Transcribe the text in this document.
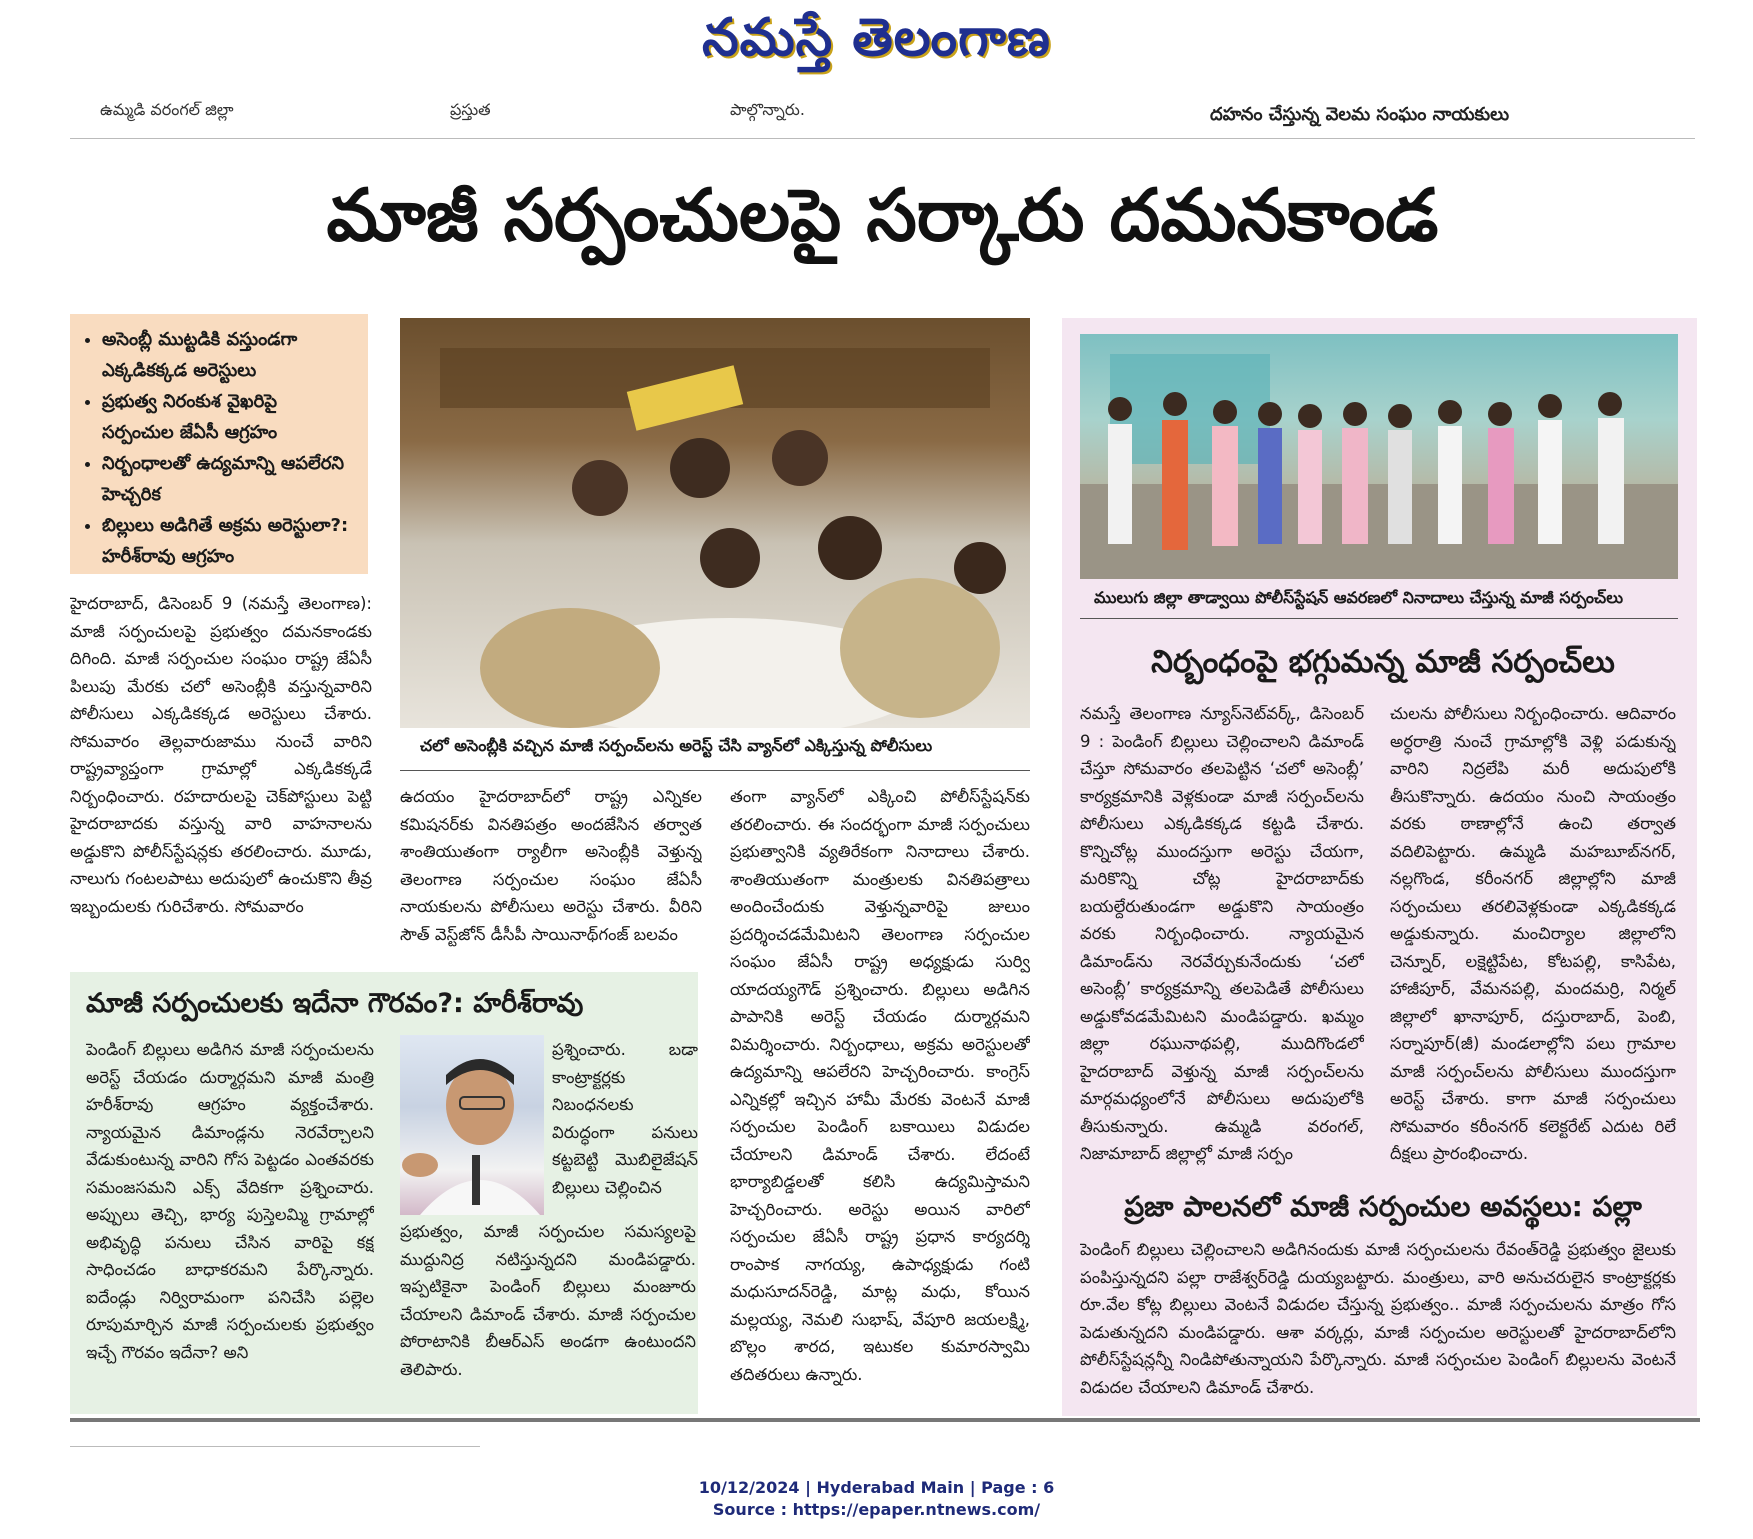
నమస్తే తెలంగాణ
ఉమ్మడి వరంగల్‌ జిల్లా	ప్రస్తుత	పాల్గొన్నారు.	దహనం చేస్తున్న వెలమ సంఘం నాయకులు
మాజీ సర్పంచులపై సర్కారు దమనకాండ
• అసెంబ్లీ ముట్టడికి వస్తుండగా ఎక్కడికక్కడ అరెస్టులు
• ప్రభుత్వ నిరంకుశ వైఖరిపై సర్పంచుల జేఏసీ ఆగ్రహం
• నిర్బంధాలతో ఉద్యమాన్ని ఆపలేరని హెచ్చరిక
• బిల్లులు అడిగితే అక్రమ అరెస్టులా?: హరీశ్‌రావు ఆగ్రహం
హైదరాబాద్‌, డిసెంబర్‌ 9 (నమస్తే తెలంగాణ): మాజీ సర్పంచులపై ప్రభుత్వం దమనకాండకు దిగింది. మాజీ సర్పంచుల సంఘం రాష్ట్ర జేఏసీ పిలుపు మేరకు చలో అసెంబ్లీకి వస్తున్నవారిని పోలీసులు ఎక్కడికక్కడ అరెస్టులు చేశారు. సోమవారం తెల్లవారుజాము నుంచే వారిని రాష్ట్రవ్యాప్తంగా గ్రామాల్లో ఎక్కడికక్కడే నిర్బంధించారు. రహదారులపై చెక్‌పోస్టులు పెట్టి హైదరాబాదకు వస్తున్న వారి వాహనాలను అడ్డుకొని పోలీస్‌స్టేషన్లకు తరలించారు. మూడు, నాలుగు గంటలపాటు అదుపులో ఉంచుకొని తీవ్ర ఇబ్బందులకు గురిచేశారు. సోమవారం
చలో అసెంబ్లీకి వచ్చిన మాజీ సర్పంచ్‌లను అరెస్ట్‌ చేసి వ్యాన్‌లో ఎక్కిస్తున్న పోలీసులు
ఉదయం హైదరాబాద్‌లో రాష్ట్ర ఎన్నికల కమిషనర్‌కు వినతిపత్రం అందజేసిన తర్వాత శాంతియుతంగా ర్యాలీగా అసెంబ్లీకి వెళ్తున్న తెలంగాణ సర్పంచుల సంఘం జేఏసీ నాయకులను పోలీసులు అరెస్టు చేశారు. వీరిని సౌత్‌ వెస్ట్‌జోన్‌ డీసీపీ సాయినాథ్‌గంజ్‌ బలవం
తంగా వ్యాన్‌లో ఎక్కించి పోలీస్‌స్టేషన్‌కు తరలించారు. ఈ సందర్భంగా మాజీ సర్పంచులు ప్రభుత్వానికి వ్యతిరేకంగా నినాదాలు చేశారు. శాంతియుతంగా మంత్రులకు వినతిపత్రాలు అందించేందుకు వెళ్తున్నవారిపై జులుం ప్రదర్శించడమేమిటని తెలంగాణ సర్పంచుల సంఘం జేఏసీ రాష్ట్ర అధ్యక్షుడు సుర్వి యాదయ్యగౌడ్‌ ప్రశ్నించారు. బిల్లులు అడిగిన పాపానికి అరెస్ట్‌ చేయడం దుర్మార్గమని విమర్శించారు. నిర్బంధాలు, అక్రమ అరెస్టులతో ఉద్యమాన్ని ఆపలేరని హెచ్చరించారు. కాంగ్రెస్‌ ఎన్నికల్లో ఇచ్చిన హామీ మేరకు వెంటనే మాజీ సర్పంచుల పెండింగ్‌ బకాయిలు విడుదల చేయాలని డిమాండ్‌ చేశారు. లేదంటే భార్యాబిడ్డలతో కలిసి ఉద్యమిస్తామని హెచ్చరించారు. అరెస్టు అయిన వారిలో సర్పంచుల జేఏసీ రాష్ట్ర ప్రధాన కార్యదర్శి రాంపాక నాగయ్య, ఉపాధ్యక్షుడు గంటి మధుసూదన్‌రెడ్డి, మాట్ల మధు, కోయిన మల్లయ్య, నెమలి సుభాష్‌, వేపూరి జయలక్ష్మి, బొల్లం శారద, ఇటుకల కుమారస్వామి తదితరులు ఉన్నారు.
మాజీ సర్పంచులకు ఇదేనా గౌరవం?: హరీశ్‌రావు
పెండింగ్‌ బిల్లులు అడిగిన మాజీ సర్పంచులను అరెస్ట్‌ చేయడం దుర్మార్గమని మాజీ మంత్రి హరీశ్‌రావు ఆగ్రహం వ్యక్తంచేశారు. న్యాయమైన డిమాండ్లను నెరవేర్చాలని వేడుకుంటున్న వారిని గోస పెట్టడం ఎంతవరకు సమంజసమని ఎక్స్‌ వేదికగా ప్రశ్నించారు. అప్పులు తెచ్చి, భార్య పుస్తెలమ్మి గ్రామాల్లో అభివృద్ధి పనులు చేసిన వారిపై కక్ష సాధించడం బాధాకరమని పేర్కొన్నారు. ఐదేండ్లు నిర్విరామంగా పనిచేసి పల్లెల రూపుమార్చిన మాజీ సర్పంచులకు ప్రభుత్వం ఇచ్చే గౌరవం ఇదేనా? అని
ప్రశ్నించారు. బడా కాంట్రాక్టర్లకు నిబంధనలకు విరుద్ధంగా పనులు కట్టబెట్టి మొబిలైజేషన్‌ బిల్లులు చెల్లించిన
ప్రభుత్వం, మాజీ సర్పంచుల సమస్యలపై ముద్దునిద్ర నటిస్తున్నదని మండిపడ్డారు. ఇప్పటికైనా పెండింగ్‌ బిల్లులు మంజూరు చేయాలని డిమాండ్‌ చేశారు. మాజీ సర్పంచుల పోరాటానికి బీఆర్‌ఎస్‌ అండగా ఉంటుందని తెలిపారు.
ములుగు జిల్లా తాడ్వాయి పోలీస్‌స్టేషన్‌ ఆవరణలో నినాదాలు చేస్తున్న మాజీ సర్పంచ్‌లు
నిర్బంధంపై భగ్గుమన్న మాజీ సర్పంచ్‌లు
నమస్తే తెలంగాణ న్యూస్‌నెట్‌వర్క్‌, డిసెంబర్‌ 9 : పెండింగ్‌ బిల్లులు చెల్లించాలని డిమాండ్‌ చేస్తూ సోమవారం తలపెట్టిన ‘చలో అసెంబ్లీ’ కార్యక్రమానికి వెళ్లకుండా మాజీ సర్పంచ్‌లను పోలీసులు ఎక్కడికక్కడ కట్టడి చేశారు. కొన్నిచోట్ల ముందస్తుగా అరెస్టు చేయగా, మరికొన్ని చోట్ల హైదరాబాద్‌కు బయల్దేరుతుండగా అడ్డుకొని సాయంత్రం వరకు నిర్బంధించారు. న్యాయమైన డిమాండ్‌ను నెరవేర్చుకునేందుకు ‘చలో అసెంబ్లీ’ కార్యక్రమాన్ని తలపెడితే పోలీసులు అడ్డుకోవడమేమిటని మండిపడ్డారు. ఖమ్మం జిల్లా రఘునాథపల్లి, ముదిగొండలో హైదరాబాద్‌ వెళ్తున్న మాజీ సర్పంచ్‌లను మార్గమధ్యంలోనే పోలీసులు అదుపులోకి తీసుకున్నారు. ఉమ్మడి వరంగల్‌, నిజామాబాద్‌ జిల్లాల్లో మాజీ సర్పం
చులను పోలీసులు నిర్బంధించారు. ఆదివారం అర్ధరాత్రి నుంచే గ్రామాల్లోకి వెళ్లి పడుకున్న వారిని నిద్రలేపి మరీ అదుపులోకి తీసుకొన్నారు. ఉదయం నుంచి సాయంత్రం వరకు ఠాణాల్లోనే ఉంచి తర్వాత వదిలిపెట్టారు. ఉమ్మడి మహబూబ్‌నగర్‌, నల్లగొండ, కరీంనగర్‌ జిల్లాల్లోని మాజీ సర్పంచులు తరలివెళ్లకుండా ఎక్కడికక్కడ అడ్డుకున్నారు. మంచిర్యాల జిల్లాలోని చెన్నూర్‌, లక్షెట్టిపేట, కోటపల్లి, కాసిపేట, హాజీపూర్‌, వేమనపల్లి, మందమర్రి, నిర్మల్‌ జిల్లాలో ఖానాపూర్‌, దస్తురాబాద్‌, పెంబి, సర్నాపూర్‌(జీ) మండలాల్లోని పలు గ్రామాల మాజీ సర్పంచ్‌లను పోలీసులు ముందస్తుగా అరెస్ట్‌ చేశారు. కాగా మాజీ సర్పంచులు సోమవారం కరీంనగర్‌ కలెక్టరేట్‌ ఎదుట రిలే దీక్షలు ప్రారంభించారు.
ప్రజా పాలనలో మాజీ సర్పంచుల అవస్థలు: పల్లా
పెండింగ్‌ బిల్లులు చెల్లించాలని అడిగినందుకు మాజీ సర్పంచులను రేవంత్‌రెడ్డి ప్రభుత్వం జైలుకు పంపిస్తున్నదని పల్లా రాజేశ్వర్‌రెడ్డి దుయ్యబట్టారు. మంత్రులు, వారి అనుచరులైన కాంట్రాక్టర్లకు రూ.వేల కోట్ల బిల్లులు వెంటనే విడుదల చేస్తున్న ప్రభుత్వం.. మాజీ సర్పంచులను మాత్రం గోస పెడుతున్నదని మండిపడ్డారు. ఆశా వర్కర్లు, మాజీ సర్పంచుల అరెస్టులతో హైదరాబాద్‌లోని పోలీస్‌స్టేషన్లన్నీ నిండిపోతున్నాయని పేర్కొన్నారు. మాజీ సర్పంచుల పెండింగ్‌ బిల్లులను వెంటనే విడుదల చేయాలని డిమాండ్‌ చేశారు.
10/12/2024 | Hyderabad Main | Page : 6
Source : https://epaper.ntnews.com/
